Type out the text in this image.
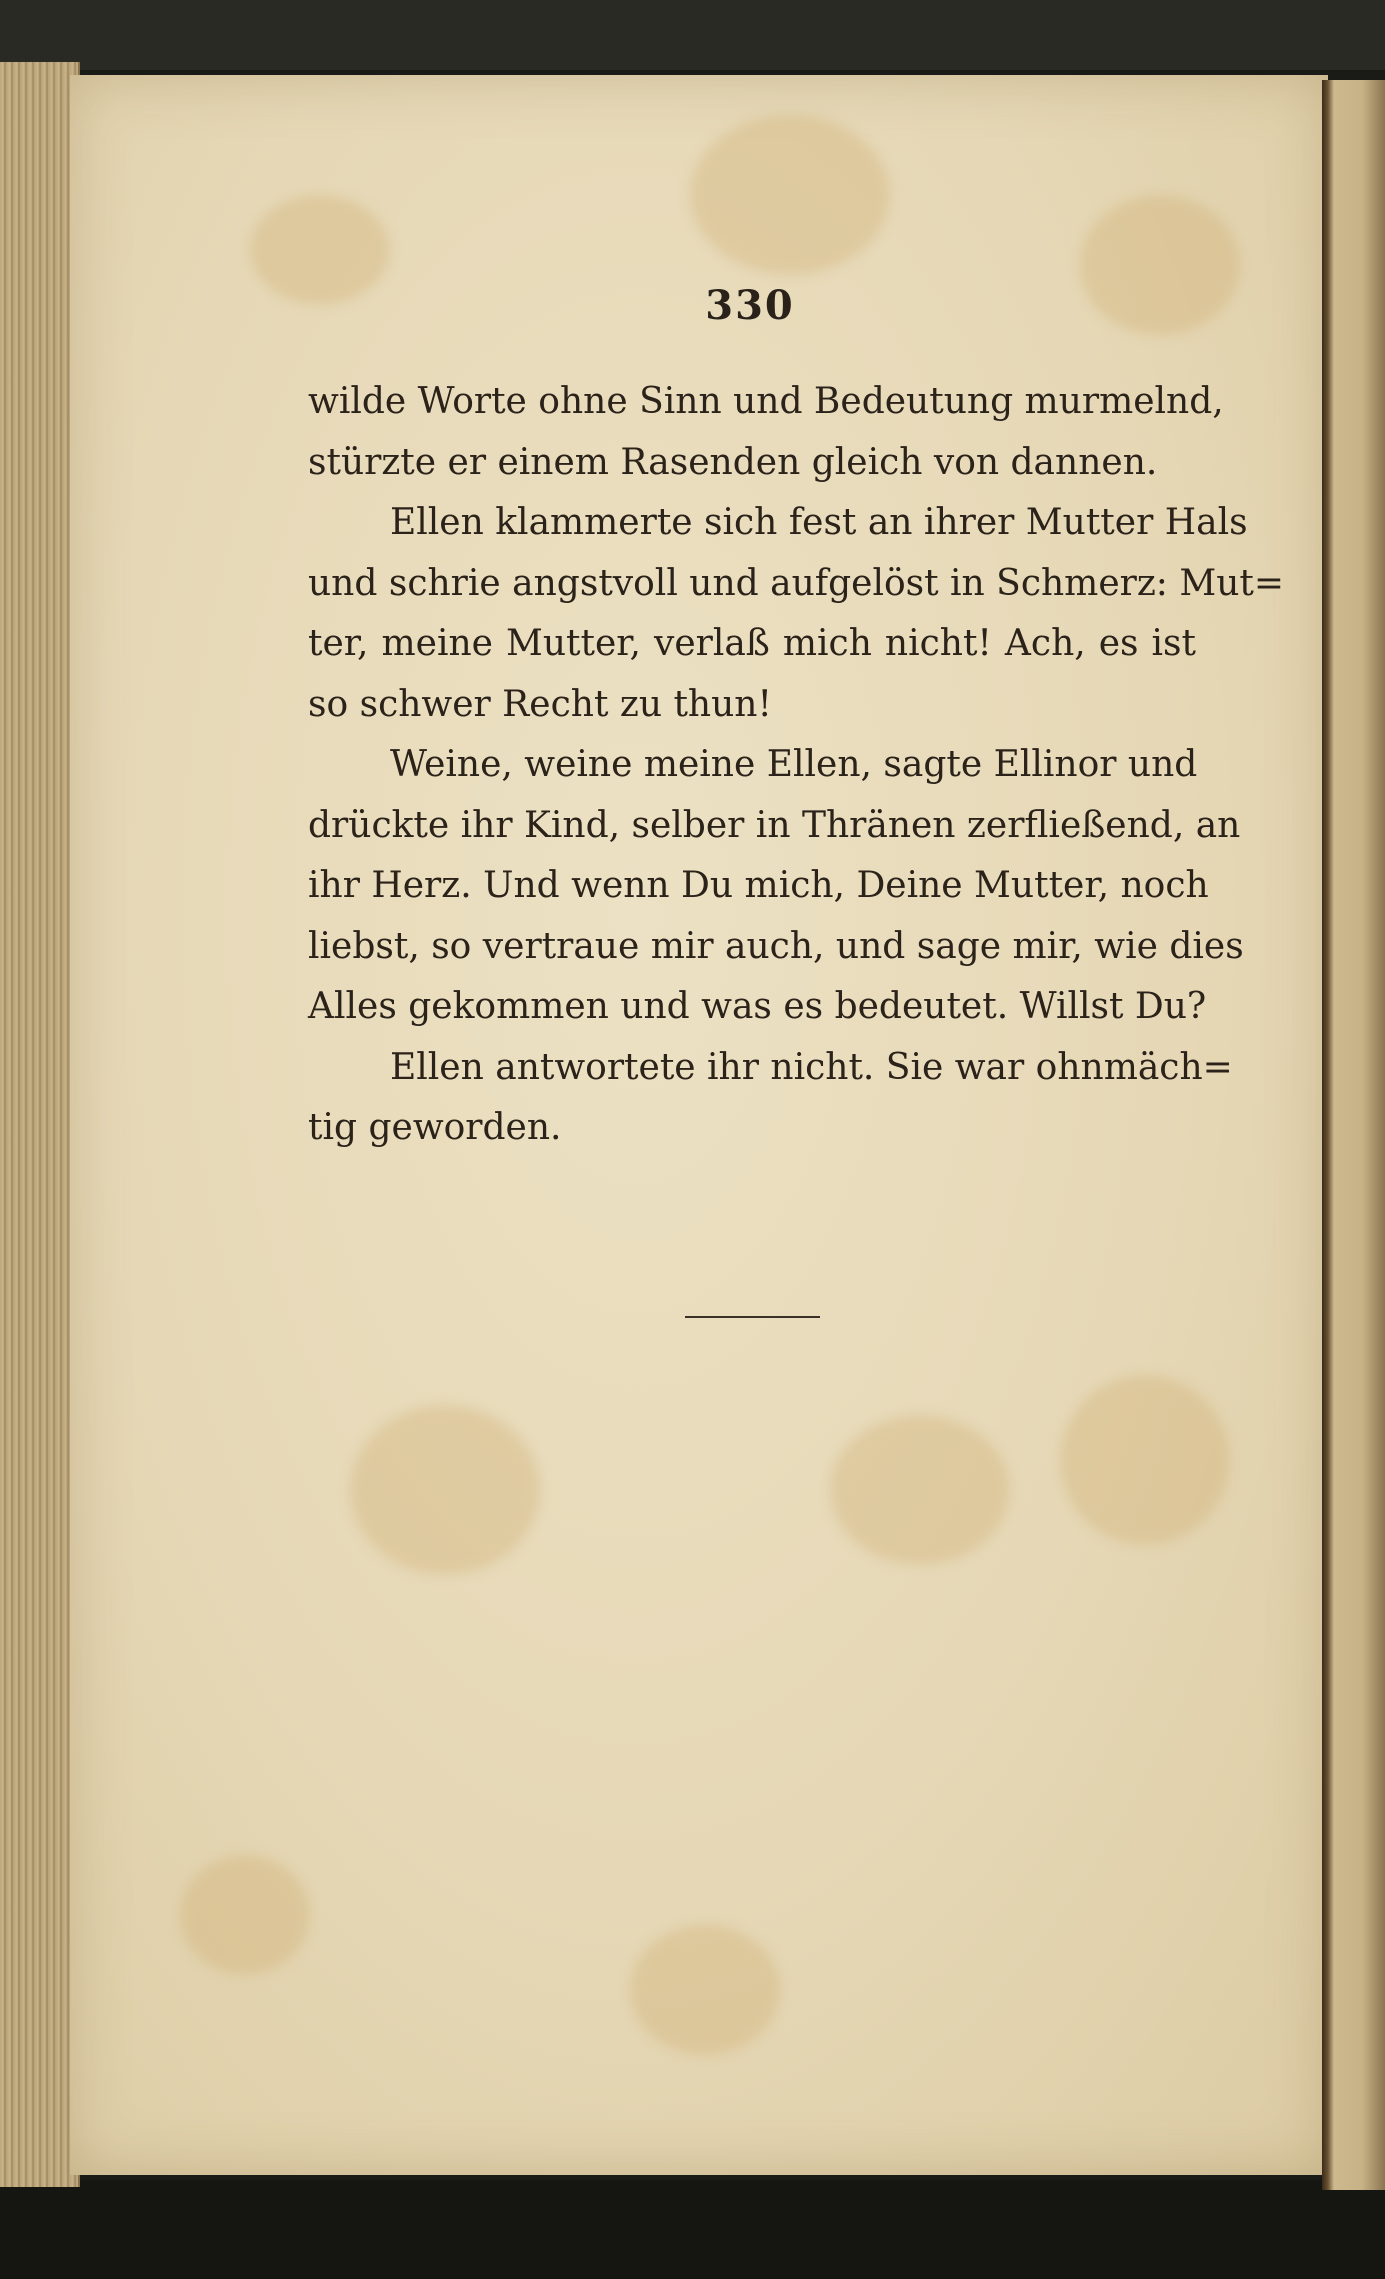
330
wilde Worte ohne Sinn und Bedeutung murmelnd,
stürzte er einem Rasenden gleich von dannen.
Ellen klammerte sich fest an ihrer Mutter Hals
und schrie angstvoll und aufgelöst in Schmerz: Mut=
ter, meine Mutter, verlaß mich nicht! Ach, es ist
so schwer Recht zu thun!
Weine, weine meine Ellen, sagte Ellinor und
drückte ihr Kind, selber in Thränen zerfließend, an
ihr Herz. Und wenn Du mich, Deine Mutter, noch
liebst, so vertraue mir auch, und sage mir, wie dies
Alles gekommen und was es bedeutet. Willst Du?
Ellen antwortete ihr nicht. Sie war ohnmäch=
tig geworden.
